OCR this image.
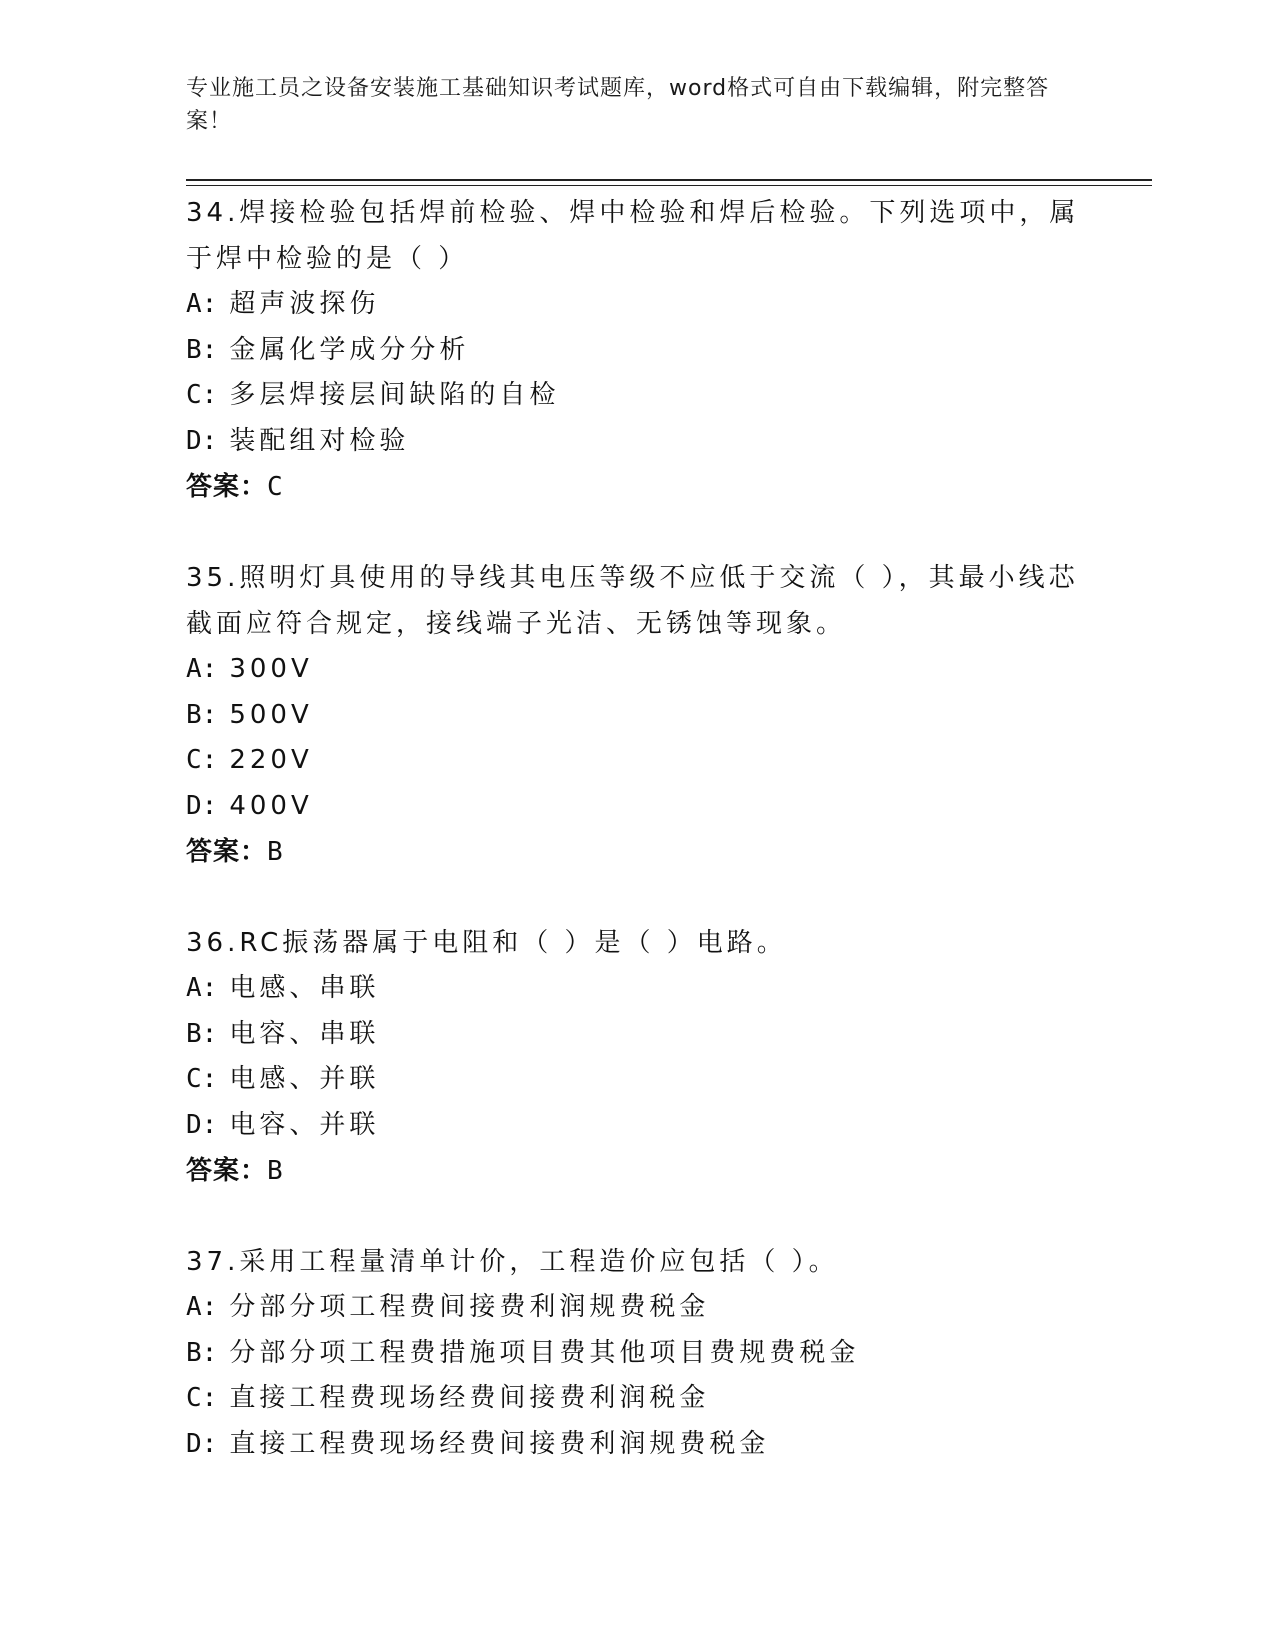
专业施工员之设备安装施工基础知识考试题库，word格式可自由下载编辑，附完整答案！
34.焊接检验包括焊前检验、焊中检验和焊后检验。下列选项中，属于焊中检验的是（ ）
A: 超声波探伤
B: 金属化学成分分析
C: 多层焊接层间缺陷的自检
D: 装配组对检验
答案：C
35.照明灯具使用的导线其电压等级不应低于交流（ ），其最小线芯截面应符合规定，接线端子光洁、无锈蚀等现象。
A: 300V
B: 500V
C: 220V
D: 400V
答案：B
36.RC振荡器属于电阻和（ ）是（ ）电路。
A: 电感、串联
B: 电容、串联
C: 电感、并联
D: 电容、并联
答案：B
37.采用工程量清单计价，工程造价应包括（ ）。
A: 分部分项工程费间接费利润规费税金
B: 分部分项工程费措施项目费其他项目费规费税金
C: 直接工程费现场经费间接费利润税金
D: 直接工程费现场经费间接费利润规费税金
